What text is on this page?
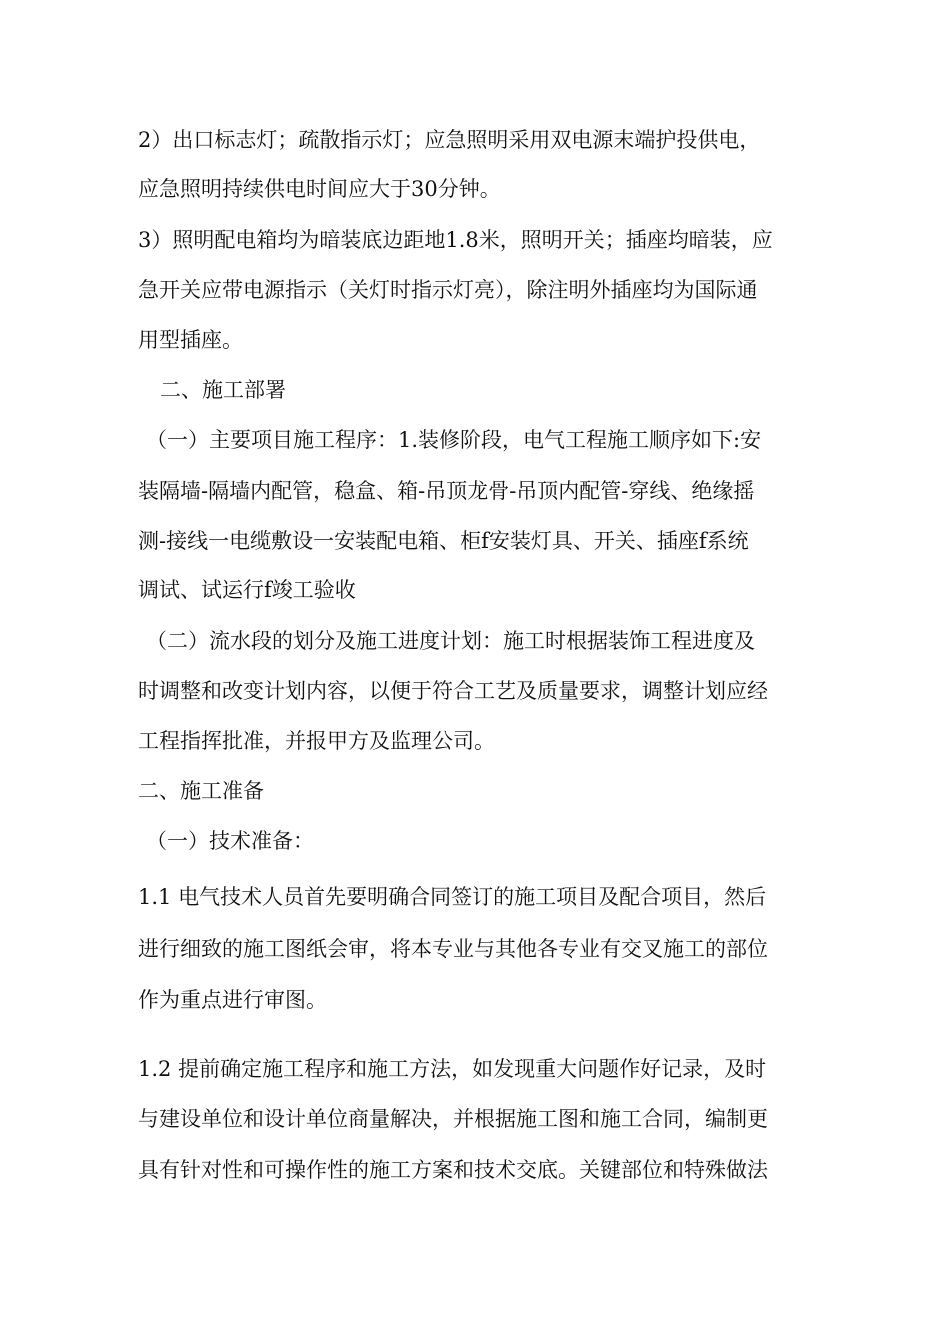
2）出口标志灯；疏散指示灯；应急照明采用双电源末端护投供电，
应急照明持续供电时间应大于30分钟。
3）照明配电箱均为暗装底边距地1.8米，照明开关；插座均暗装，应
急开关应带电源指示（关灯时指示灯亮），除注明外插座均为国际通
用型插座。
二、施工部署
（一）主要项目施工程序：1.装修阶段，电气工程施工顺序如下:安
装隔墙-隔墙内配管，稳盒、箱-吊顶龙骨-吊顶内配管-穿线、绝缘摇
测-接线一电缆敷设一安装配电箱、柜f安装灯具、开关、插座f系统
调试、试运行f竣工验收
（二）流水段的划分及施工进度计划：施工时根据装饰工程进度及
时调整和改变计划内容，以便于符合工艺及质量要求，调整计划应经
工程指挥批准，并报甲方及监理公司。
二、施工准备
（一）技术准备：
1.1 电气技术人员首先要明确合同签订的施工项目及配合项目，然后
进行细致的施工图纸会审，将本专业与其他各专业有交叉施工的部位
作为重点进行审图。
1.2 提前确定施工程序和施工方法，如发现重大问题作好记录，及时
与建设单位和设计单位商量解决，并根据施工图和施工合同，编制更
具有针对性和可操作性的施工方案和技术交底。关键部位和特殊做法
